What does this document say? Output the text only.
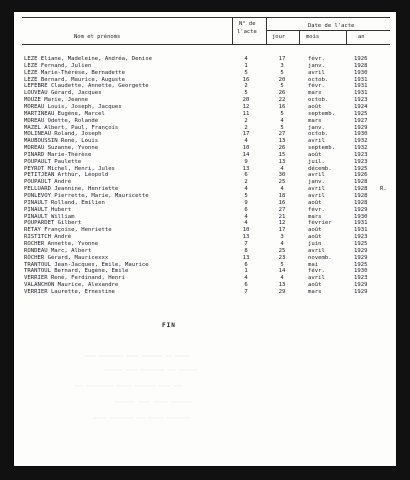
~~~~ ~~~~~~~~ ~~~~ ~~~~~~~ ~~ ~~~~~
~~~~~~ ~~~~ ~~~~~~~~ ~~~ ~~~~~~
~~~ ~~~~~~~~~ ~~~~~ ~~~~~~~ ~~~~ ~~~
~~~~~~~ ~~~~ ~~~~~ ~~~~~~~
~~~~ ~~~~~~~~ ~~~ ~~~~~ ~~~~~~~~
N° de
l'acte
Date de l'acte
Nom et prénoms	jour	mois	an
LEZE Eliane, Madeleine, Andréa, Denise	4	17	févr.	1926
LEZE Fernand, Julien	1	3	janv.	1928
LEZE Marie-Thérèse, Bernadette	5	5	avril	1930
LEZE Bernard, Maurice, Auguste	16	20	octob.	1931
LEFEBRE Claudette, Annette, Georgette	2	5	févr.	1931
LOUVEAU Gérard, Jacques	5	26	mars	1931
MOUZE Marie, Jeanne	20	22	octob.	1923
MOREAU Louis, Joseph, Jacques	12	16	août	1924
MARTINEAU Eugène, Marcel	11	5	septemb.	1925
MOREAU Odette, Rolande	2	4	mars	1927
MAZEL Albert, Paul, François	2	5	janv.	1929
MOLINEAU Roland, Joseph	17	27	octob.	1930
MAUBOUSSIN René, Louis	4	13	avril	1932
MOREAU Suzanne, Yvonne	10	26	septemb.	1932
PINARD Marie-Thérèse	14	15	août	1923
POUPAULT Paulette	9	13	juil.	1923
PEYROT Michel, Henri, Jules	13	4	décemb.	1925
PETITJEAN Arthur, Léopold	6	30	avril	1926
POUPAULT André	2	25	janv.	1928
PELLUARD Jeannine, Henriette	4	4	avril	1928 R.
PONLEVOY Pierrette, Marie, Mauricette	5	18	avril	1928
PINAULT Rolland, Emilien	9	16	août	1928
PINAULT Hubert	6	27	févr.	1929
PINAULT William	4	21	mars	1930
POUPARDET Gilbert	4	12	février	1931
RETAY Françoise, Henriette	10	17	août	1931
RISTITCH André	13	3	août	1923
ROCHER Annette, Yvonne	7	4	juin	1925
RONDEAU Marc, Albert	8	25	avril	1929
ROCHER Gérard, Mauricexxx	13	23	novemb.	1929
TRANTOUL Jean-Jacques, Emile, Maurice	6	5	mai	1925
TRANTOUL Bernard, Eugène, Emile	1	14	févr.	1930
VERRIER René, Ferdinand, Henri	4	4	avril	1923
VALANCHON Maurice, Alexandre	6	13	août	1929
VERRIER Laurette, Ernestine	7	29	mars	1929
FIN
